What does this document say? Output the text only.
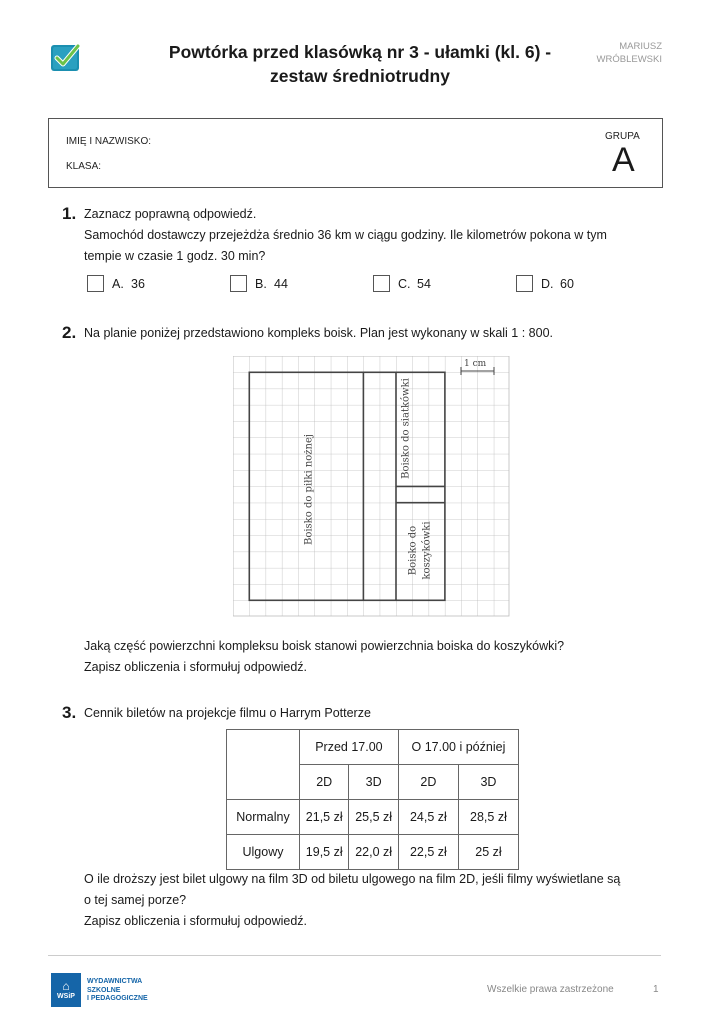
Powtórka przed klasówką nr 3 - ułamki (kl. 6) -
zestaw średniotrudny
MARIUSZ
WRÓBLEWSKI
IMIĘ I NAZWISKO:
KLASA:
GRUPA
A
1. Zaznacz poprawną odpowiedź.
Samochód dostawczy przejeżdża średnio 36 km w ciągu godziny. Ile kilometrów pokona w tym
tempie w czasie 1 godz. 30 min?
A. 36	B. 44	C. 54	D. 60
2. Na planie poniżej przedstawiono kompleks boisk. Plan jest wykonany w skali 1 : 800.
1 cm
Boisko do piłki nożnej
Boisko do siatkówki
Boisko do koszykówki
Jaką część powierzchni kompleksu boisk stanowi powierzchnia boiska do koszykówki?
Zapisz obliczenia i sformułuj odpowiedź.
3. Cennik biletów na projekcje filmu o Harrym Potterze
	Przed 17.00		O 17.00 i później	
	2D	3D	2D	3D
Normalny	21,5 zł	25,5 zł	24,5 zł	28,5 zł
Ulgowy	19,5 zł	22,0 zł	22,5 zł	25 zł
O ile droższy jest bilet ulgowy na film 3D od biletu ulgowego na film 2D, jeśli filmy wyświetlane są
o tej samej porze?
Zapisz obliczenia i sformułuj odpowiedź.
⌂
WSiP
WYDAWNICTWA
SZKOLNE
I PEDAGOGICZNE
Wszelkie prawa zastrzeżone	1
